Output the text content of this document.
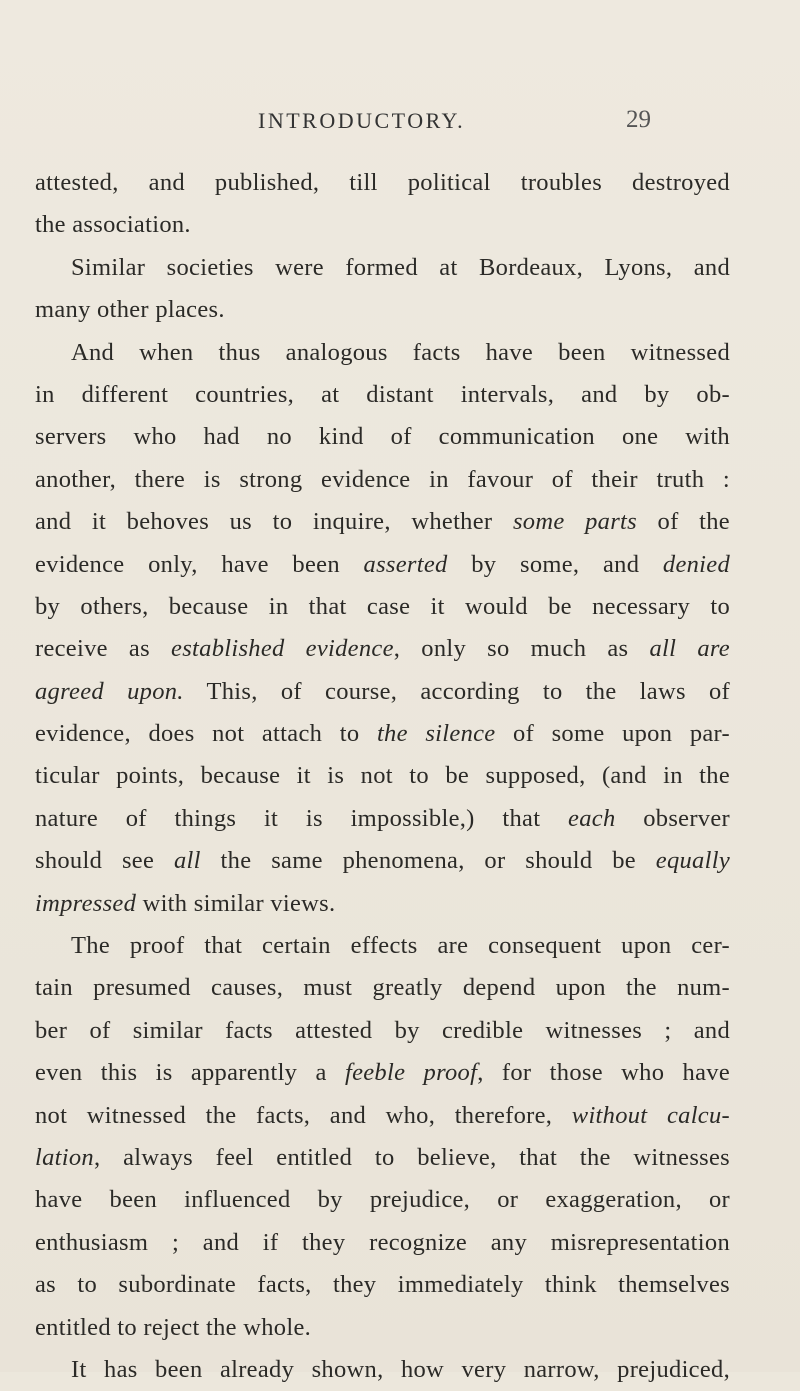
INTRODUCTORY.	29
attested, and published, till political troubles destroyed
the association.
Similar societies were formed at Bordeaux, Lyons, and
many other places.
And when thus analogous facts have been witnessed
in different countries, at distant intervals, and by ob-
servers who had no kind of communication one with
another, there is strong evidence in favour of their truth :
and it behoves us to inquire, whether some parts of the
evidence only, have been asserted by some, and denied
by others, because in that case it would be necessary to
receive as established evidence, only so much as all are
agreed upon. This, of course, according to the laws of
evidence, does not attach to the silence of some upon par-
ticular points, because it is not to be supposed, (and in the
nature of things it is impossible,) that each observer
should see all the same phenomena, or should be equally
impressed with similar views.
The proof that certain effects are consequent upon cer-
tain presumed causes, must greatly depend upon the num-
ber of similar facts attested by credible witnesses ; and
even this is apparently a feeble proof, for those who have
not witnessed the facts, and who, therefore, without calcu-
lation, always feel entitled to believe, that the witnesses
have been influenced by prejudice, or exaggeration, or
enthusiasm ; and if they recognize any misrepresentation
as to subordinate facts, they immediately think themselves
entitled to reject the whole.
It has been already shown, how very narrow, prejudiced,
